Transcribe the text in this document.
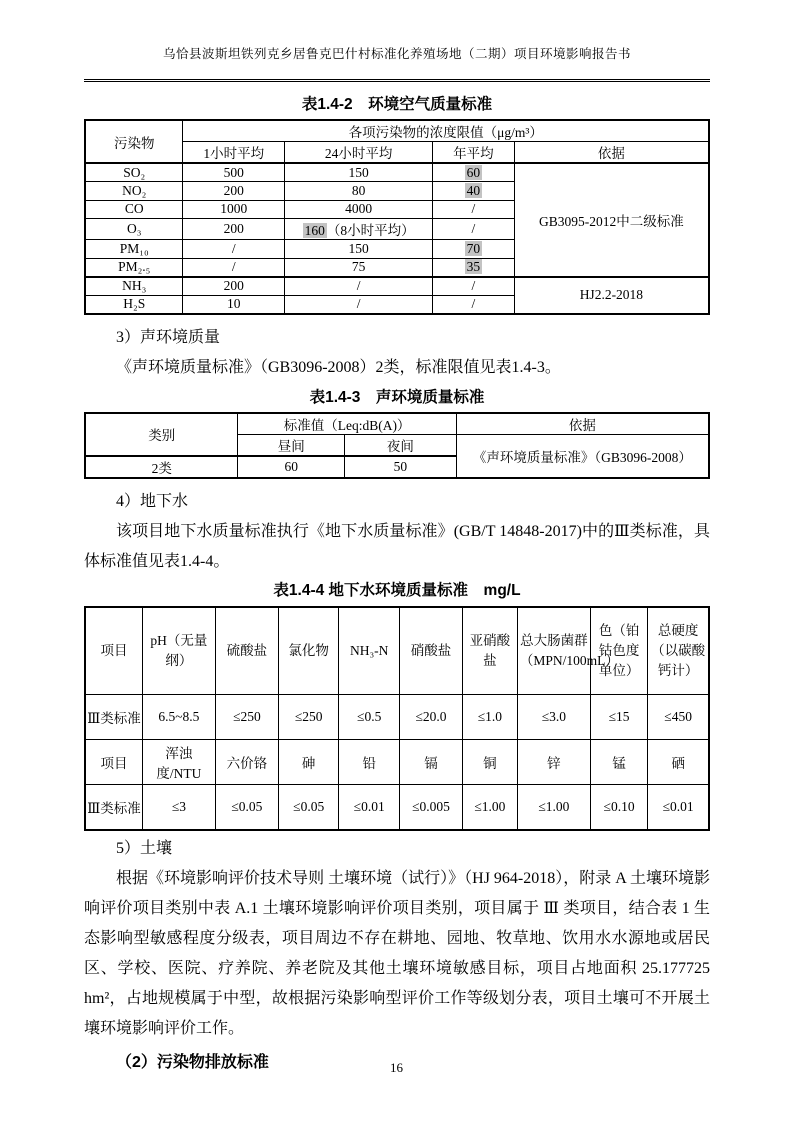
乌恰县波斯坦铁列克乡居鲁克巴什村标准化养殖场地（二期）项目环境影响报告书
表1.4-2　环境空气质量标准
污染物	各项污染物的浓度限值（μg/m³）			
	1小时平均	24小时平均	年平均	依据
SO₂	500	150	60	GB3095-2012中二级标准
NO₂	200	80	40	
CO	1000	4000	/	
O₃	200	160 （8小时平均）	/	
PM₁₀	/	150	70	
PM₂.₅	/	75	35	
NH₃	200	/	/	HJ2.2-2018
H₂S	10	/	/	
3）声环境质量
《声环境质量标准》（GB3096-2008）2类，标准限值见表1.4-3。
表1.4-3　声环境质量标准
类别	标准值（Leq:dB(A)）		依据
	昼间	夜间	《声环境质量标准》（GB3096-2008）
2类	60	50	
4）地下水
该项目地下水质量标准执行《地下水质量标准》(GB/T 14848-2017)中的Ⅲ类标准，具体标准值见表1.4-4。
表1.4-4 地下水环境质量标准　mg/L
项目	pH（无量纲）	硫酸盐	氯化物	NH₃-N	硝酸盐	亚硝酸盐	总大肠菌群（MPN/100mL）	色（铂钴色度单位）	总硬度（以碳酸钙计）
Ⅲ类标准	6.5~8.5	≤250	≤250	≤0.5	≤20.0	≤1.0	≤3.0	≤15	≤450
项目	浑浊度/NTU	六价铬	砷	铅	镉	铜	锌	锰	硒
Ⅲ类标准	≤3	≤0.05	≤0.05	≤0.01	≤0.005	≤1.00	≤1.00	≤0.10	≤0.01
5）土壤
根据《环境影响评价技术导则 土壤环境（试行）》（HJ 964-2018），附录 A 土壤环境影响评价项目类别中表 A.1 土壤环境影响评价项目类别，项目属于 Ⅲ 类项目，结合表 1 生态影响型敏感程度分级表，项目周边不存在耕地、园地、牧草地、饮用水水源地或居民区、学校、医院、疗养院、养老院及其他土壤环境敏感目标，项目占地面积 25.177725 hm²，占地规模属于中型，故根据污染影响型评价工作等级划分表，项目土壤可不开展土壤环境影响评价工作。
（2）污染物排放标准	16
